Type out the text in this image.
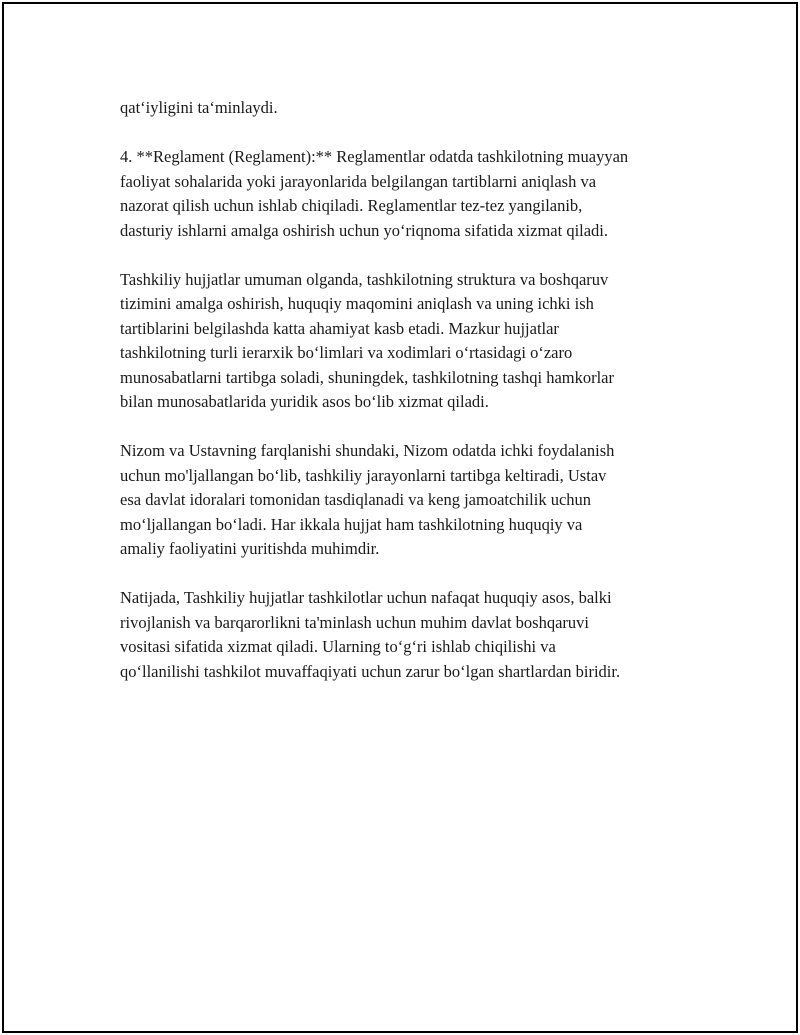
qat‘iyligini ta‘minlaydi.

4. **Reglament (Reglament):** Reglamentlar odatda tashkilotning muayyan
faoliyat sohalarida yoki jarayonlarida belgilangan tartiblarni aniqlash va
nazorat qilish uchun ishlab chiqiladi. Reglamentlar tez-tez yangilanib,
dasturiy ishlarni amalga oshirish uchun yo‘riqnoma sifatida xizmat qiladi.

Tashkiliy hujjatlar umuman olganda, tashkilotning struktura va boshqaruv
tizimini amalga oshirish, huquqiy maqomini aniqlash va uning ichki ish
tartiblarini belgilashda katta ahamiyat kasb etadi. Mazkur hujjatlar
tashkilotning turli ierarxik bo‘limlari va xodimlari o‘rtasidagi o‘zaro
munosabatlarni tartibga soladi, shuningdek, tashkilotning tashqi hamkorlar
bilan munosabatlarida yuridik asos bo‘lib xizmat qiladi.

Nizom va Ustavning farqlanishi shundaki, Nizom odatda ichki foydalanish
uchun mo'ljallangan bo‘lib, tashkiliy jarayonlarni tartibga keltiradi, Ustav
esa davlat idoralari tomonidan tasdiqlanadi va keng jamoatchilik uchun
mo‘ljallangan bo‘ladi. Har ikkala hujjat ham tashkilotning huquqiy va
amaliy faoliyatini yuritishda muhimdir.

Natijada, Tashkiliy hujjatlar tashkilotlar uchun nafaqat huquqiy asos, balki
rivojlanish va barqarorlikni ta'minlash uchun muhim davlat boshqaruvi
vositasi sifatida xizmat qiladi. Ularning to‘g‘ri ishlab chiqilishi va
qo‘llanilishi tashkilot muvaffaqiyati uchun zarur bo‘lgan shartlardan biridir.
